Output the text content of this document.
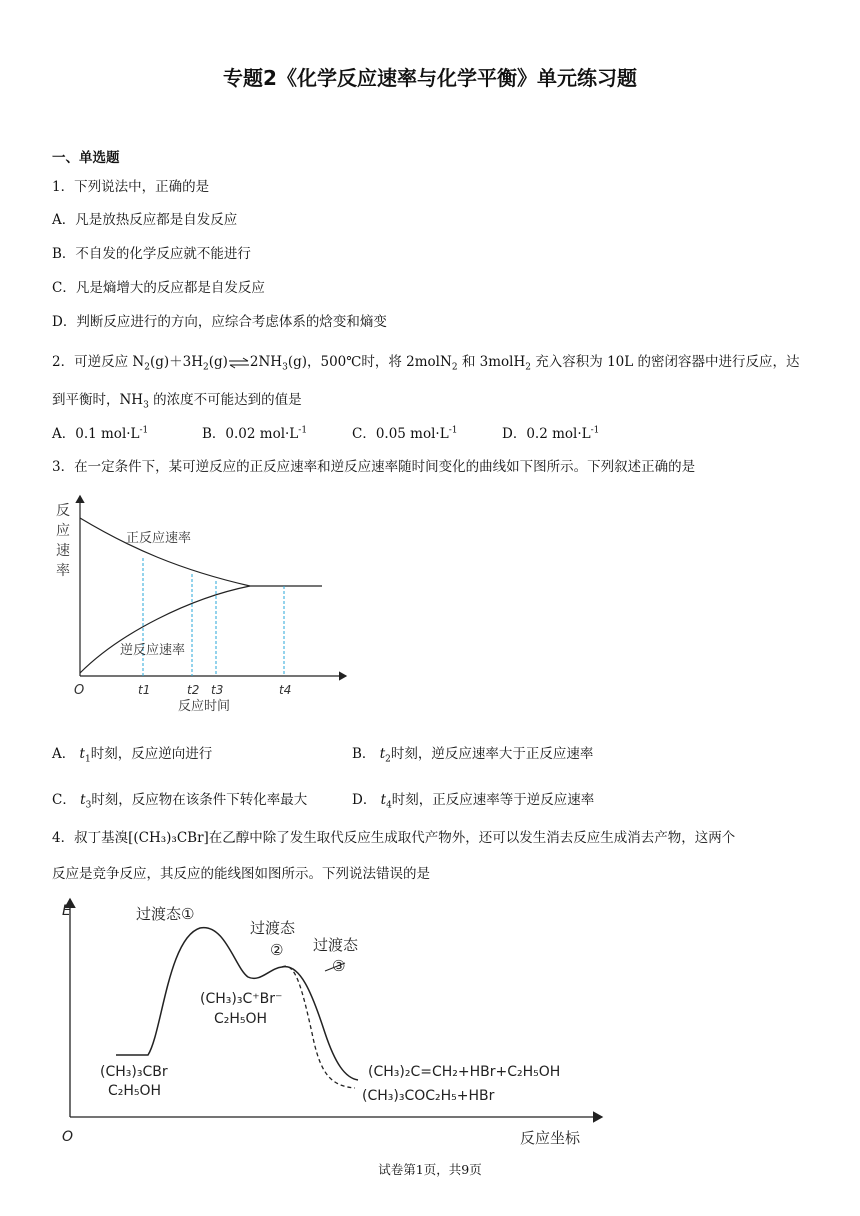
专题2《化学反应速率与化学平衡》单元练习题
一、单选题
1．下列说法中，正确的是
A．凡是放热反应都是自发反应
B．不自发的化学反应就不能进行
C．凡是熵增大的反应都是自发反应
D．判断反应进行的方向，应综合考虑体系的焓变和熵变
2．可逆反应 $N_2(g)+3H_2(g)\rightleftharpoons 2NH_3(g)$，500℃时，将 2molN$_2$ 和 3molH$_2$ 充入容积为 10L 的密闭容器中进行反应，达
到平衡时，$NH_3$ 的浓度不可能达到的值是
A．0.1 $mol\cdot L^{-1}$	B．0.02 $mol\cdot L^{-1}$	C．0.05 $mol\cdot L^{-1}$	D．0.2 $mol\cdot L^{-1}$
3．在一定条件下，某可逆反应的正反应速率和逆反应速率随时间变化的曲线如下图所示。下列叙述正确的是
反
应
速
率
正反应速率
逆反应速率
O	t1	t2 t3	t4
反应时间
A． $t_1$时刻，反应逆向进行	B． $t_2$时刻，逆反应速率大于正反应速率
C． $t_3$时刻，反应物在该条件下转化率最大	D． $t_4$时刻，正反应速率等于逆反应速率
4．叔丁基溴[(CH₃)₃CBr]在乙醇中除了发生取代反应生成取代产物外，还可以发生消去反应生成消去产物，这两个
反应是竞争反应，其反应的能线图如图所示。下列说法错误的是
E
O	反应坐标
过渡态①
过渡态
② 过渡态
③
(CH₃)₃C⁺Br⁻
C₂H₅OH
(CH₃)₃CBr
C₂H₅OH
(CH₃)₂C=CH₂+HBr+C₂H₅OH
(CH₃)₃COC₂H₅+HBr
试卷第1页，共9页
